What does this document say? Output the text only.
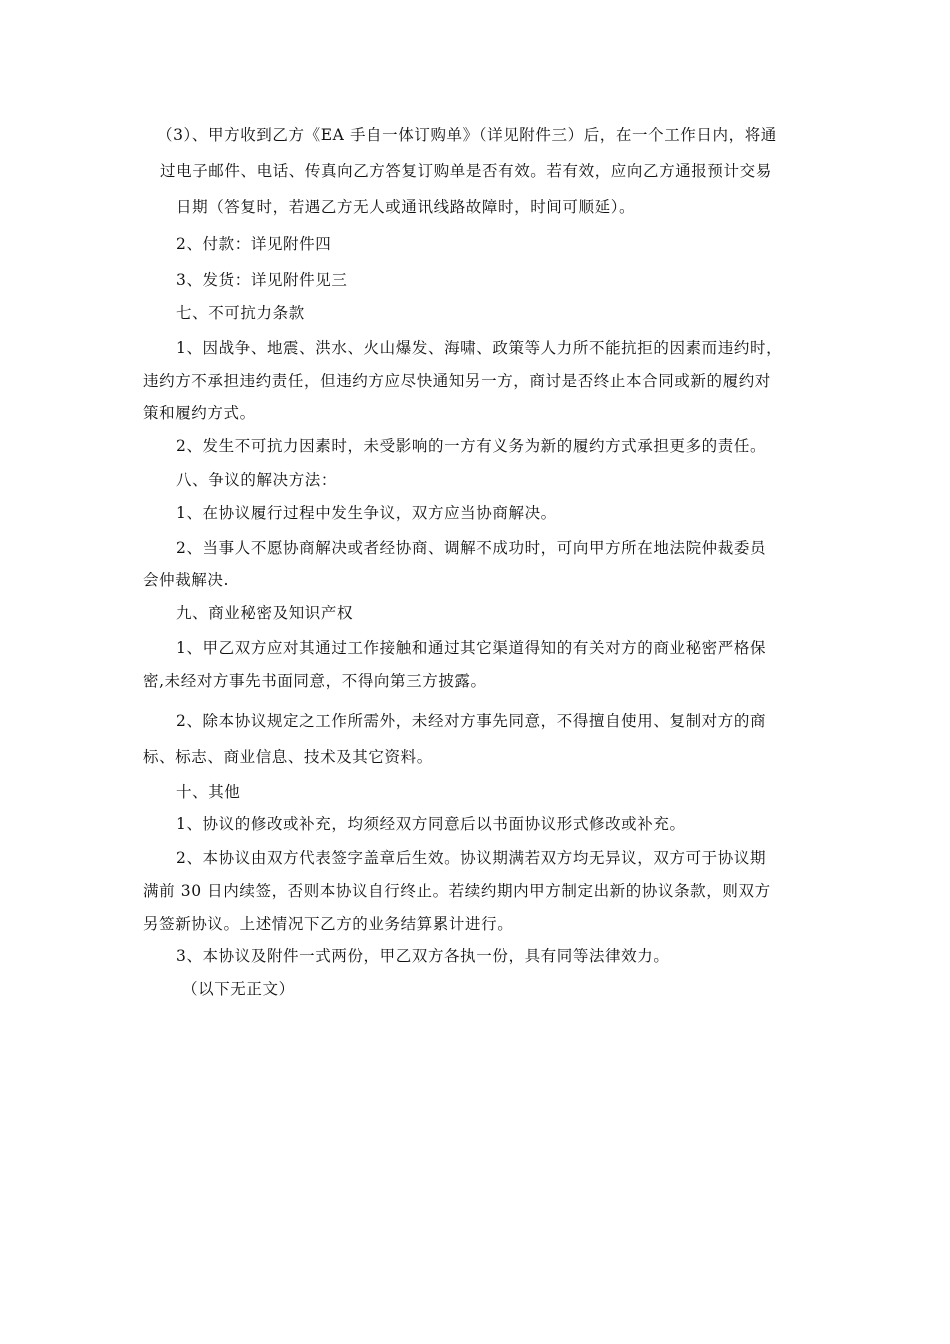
（3）、甲方收到乙方《EA 手自一体订购单》（详见附件三）后，在一个工作日内，将通
过电子邮件、电话、传真向乙方答复订购单是否有效。若有效，应向乙方通报预计交易
日期（答复时，若遇乙方无人或通讯线路故障时，时间可顺延）。
2、付款：详见附件四
3、发货：详见附件见三
七、不可抗力条款
1、因战争、地震、洪水、火山爆发、海啸、政策等人力所不能抗拒的因素而违约时，
违约方不承担违约责任，但违约方应尽快通知另一方，商讨是否终止本合同或新的履约对
策和履约方式。
2、发生不可抗力因素时，未受影响的一方有义务为新的履约方式承担更多的责任。
八、争议的解决方法：
1、在协议履行过程中发生争议，双方应当协商解决。
2、当事人不愿协商解决或者经协商、调解不成功时，可向甲方所在地法院仲裁委员
会仲裁解决.
九、商业秘密及知识产权
1、甲乙双方应对其通过工作接触和通过其它渠道得知的有关对方的商业秘密严格保
密,未经对方事先书面同意，不得向第三方披露。
2、除本协议规定之工作所需外，未经对方事先同意，不得擅自使用、复制对方的商
标、标志、商业信息、技术及其它资料。
十、其他
1、协议的修改或补充，均须经双方同意后以书面协议形式修改或补充。
2、本协议由双方代表签字盖章后生效。协议期满若双方均无异议，双方可于协议期
满前 30 日内续签，否则本协议自行终止。若续约期内甲方制定出新的协议条款，则双方
另签新协议。上述情况下乙方的业务结算累计进行。
3、本协议及附件一式两份，甲乙双方各执一份，具有同等法律效力。
（以下无正文）
